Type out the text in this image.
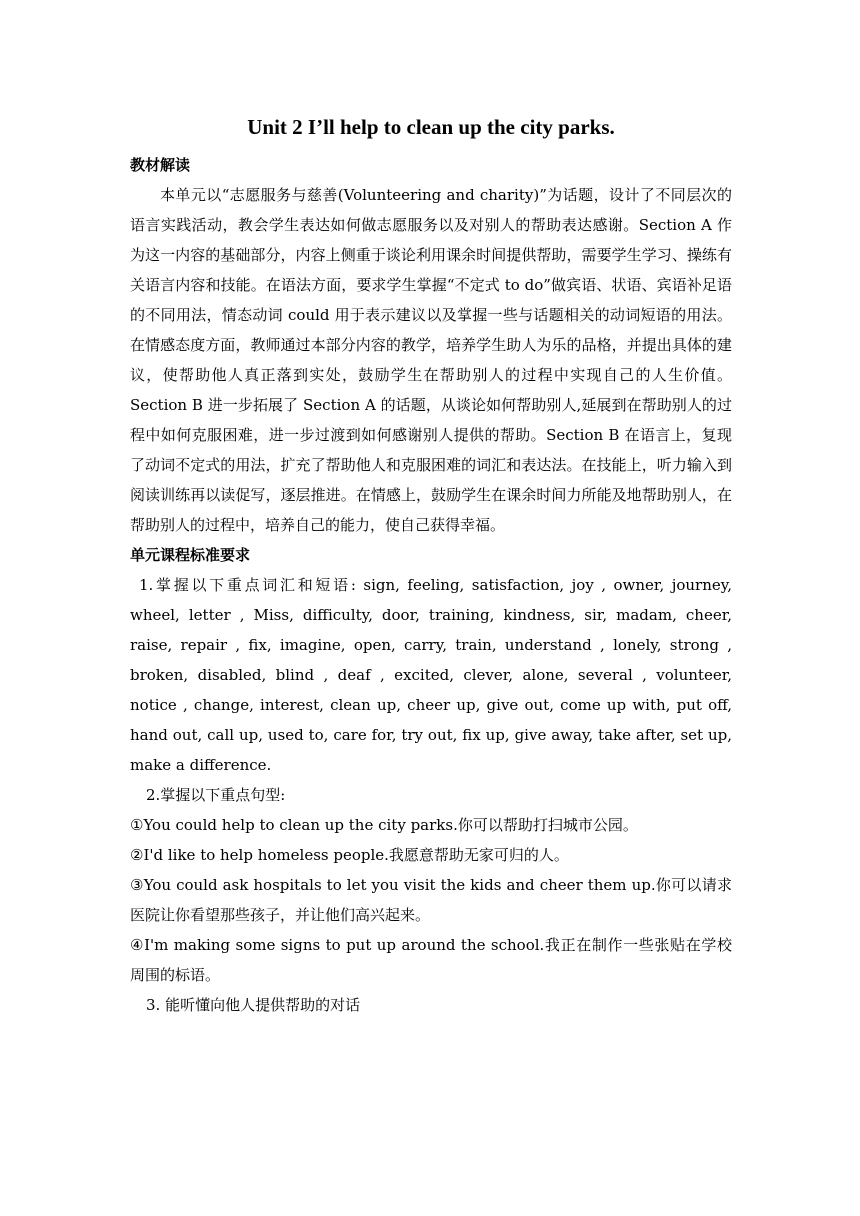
Unit 2 I’ll help to clean up the city parks.

教材解读

本单元以“志愿服务与慈善(Volunteering and charity)”为话题，设计了不同层次的语言实践活动，教会学生表达如何做志愿服务以及对别人的帮助表达感谢。Section A 作为这一内容的基础部分，内容上侧重于谈论利用课余时间提供帮助，需要学生学习、操练有关语言内容和技能。在语法方面，要求学生掌握“不定式 to do”做宾语、状语、宾语补足语的不同用法，情态动词 could 用于表示建议以及掌握一些与话题相关的动词短语的用法。在情感态度方面，教师通过本部分内容的教学，培养学生助人为乐的品格，并提出具体的建议，使帮助他人真正落到实处，鼓励学生在帮助别人的过程中实现自己的人生价值。Section B 进一步拓展了 Section A 的话题，从谈论如何帮助别人,延展到在帮助别人的过程中如何克服困难，进一步过渡到如何感谢别人提供的帮助。Section B 在语言上，复现了动词不定式的用法，扩充了帮助他人和克服困难的词汇和表达法。在技能上，听力输入到阅读训练再以读促写，逐层推进。在情感上，鼓励学生在课余时间力所能及地帮助别人，在帮助别人的过程中，培养自己的能力，使自己获得幸福。

单元课程标准要求

1.掌握以下重点词汇和短语: sign, feeling, satisfaction, joy , owner, journey, wheel, letter , Miss, difficulty, door, training, kindness, sir, madam, cheer, raise, repair , fix, imagine, open, carry, train, understand , lonely, strong , broken, disabled, blind , deaf , excited, clever, alone, several , volunteer, notice , change, interest, clean up, cheer up, give out, come up with, put off, hand out, call up, used to, care for, try out, fix up, give away, take after, set up, make a difference.

2.掌握以下重点句型:

①You could help to clean up the city parks.你可以帮助打扫城市公园。

②I'd like to help homeless people.我愿意帮助无家可归的人。

③You could ask hospitals to let you visit the kids and cheer them up.你可以请求医院让你看望那些孩子，并让他们高兴起来。

④I'm making some signs to put up around the school.我正在制作一些张贴在学校周围的标语。

3. 能听懂向他人提供帮助的对话
